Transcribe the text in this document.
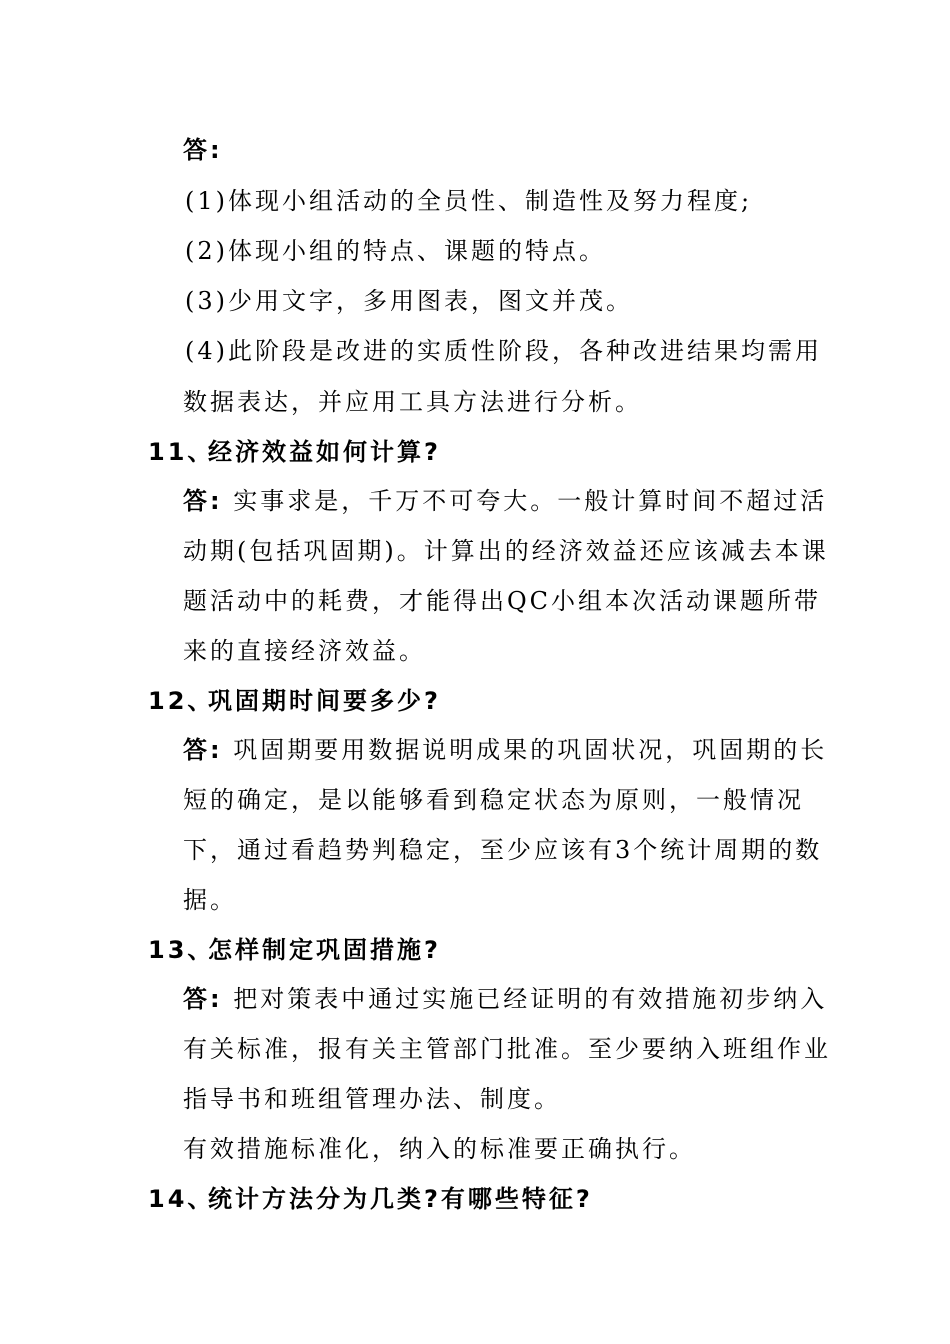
答:
(1)体现小组活动的全员性、制造性及努力程度;
(2)体现小组的特点、课题的特点。
(3)少用文字，多用图表，图文并茂。
(4)此阶段是改进的实质性阶段，各种改进结果均需用
数据表达，并应用工具方法进行分析。
11、经济效益如何计算?
答: 实事求是，千万不可夸大。一般计算时间不超过活
动期(包括巩固期)。计算出的经济效益还应该减去本课
题活动中的耗费，才能得出QC小组本次活动课题所带
来的直接经济效益。
12、巩固期时间要多少?
答: 巩固期要用数据说明成果的巩固状况，巩固期的长
短的确定，是以能够看到稳定状态为原则，一般情况
下，通过看趋势判稳定，至少应该有3个统计周期的数
据。
13、怎样制定巩固措施?
答: 把对策表中通过实施已经证明的有效措施初步纳入
有关标准，报有关主管部门批准。至少要纳入班组作业
指导书和班组管理办法、制度。
有效措施标准化，纳入的标准要正确执行。
14、统计方法分为几类?有哪些特征?
